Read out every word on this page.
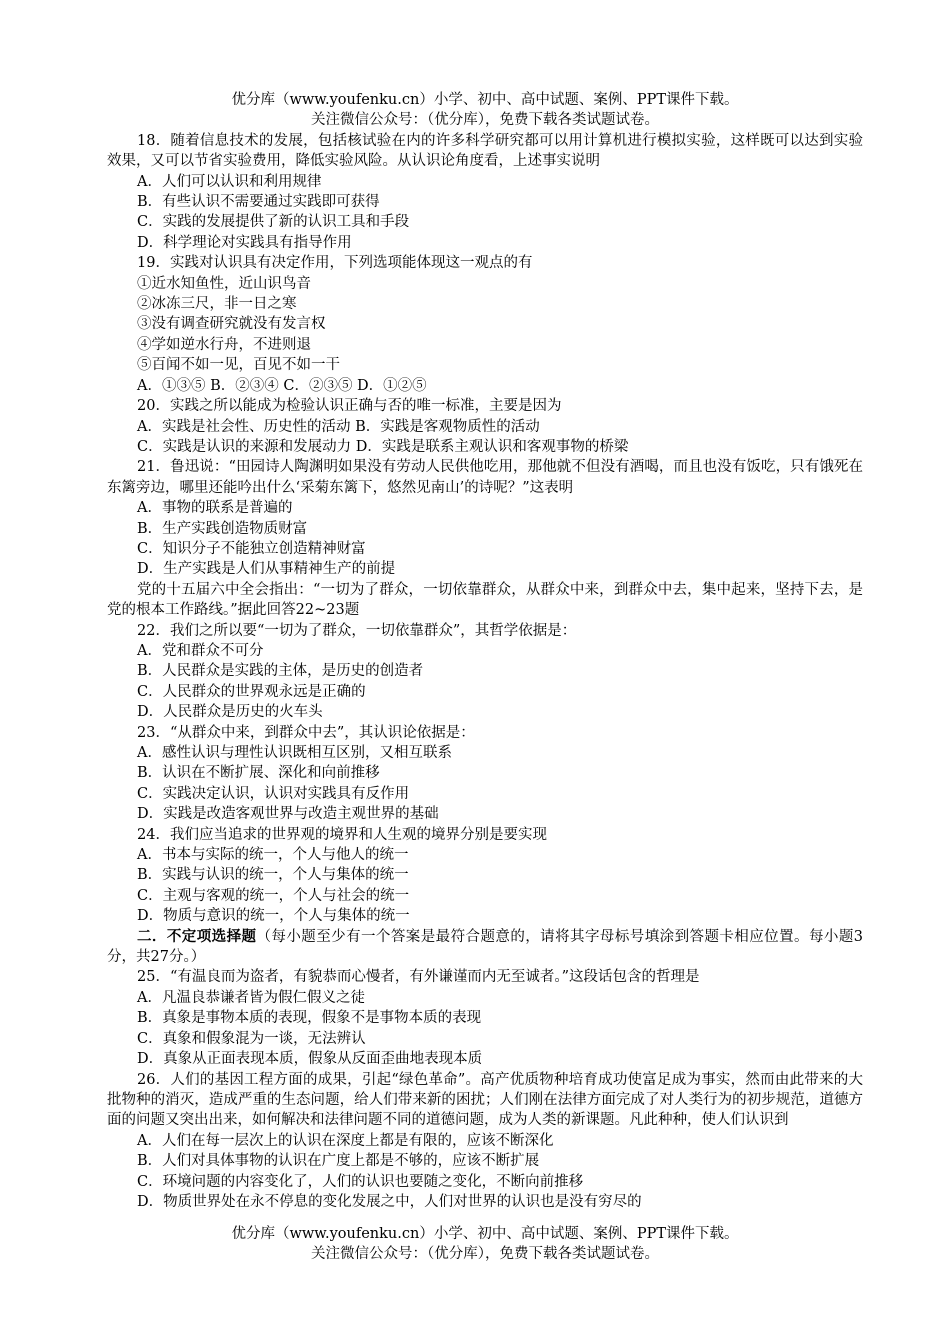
优分库（www.youfenku.cn）小学、初中、高中试题、案例、PPT课件下载。
关注微信公众号：（优分库），免费下载各类试题试卷。
18．随着信息技术的发展，包括核试验在内的许多科学研究都可以用计算机进行模拟实验，这样既可以达到实验效果，又可以节省实验费用，降低实验风险。从认识论角度看，上述事实说明
A．人们可以认识和利用规律
B．有些认识不需要通过实践即可获得
C．实践的发展提供了新的认识工具和手段
D．科学理论对实践具有指导作用
19．实践对认识具有决定作用，下列选项能体现这一观点的有
①近水知鱼性，近山识鸟音
②冰冻三尺，非一日之寒
③没有调查研究就没有发言权
④学如逆水行舟，不进则退
⑤百闻不如一见，百见不如一干
A．①③⑤ B．②③④ C．②③⑤ D．①②⑤
20．实践之所以能成为检验认识正确与否的唯一标准，主要是因为
A．实践是社会性、历史性的活动 B．实践是客观物质性的活动
C．实践是认识的来源和发展动力 D．实践是联系主观认识和客观事物的桥梁
21．鲁迅说：“田园诗人陶渊明如果没有劳动人民供他吃用，那他就不但没有酒喝，而且也没有饭吃，只有饿死在东篱旁边，哪里还能吟出什么‘采菊东篱下，悠然见南山’的诗呢？”这表明
A．事物的联系是普遍的
B．生产实践创造物质财富
C．知识分子不能独立创造精神财富
D．生产实践是人们从事精神生产的前提
党的十五届六中全会指出：“一切为了群众，一切依靠群众，从群众中来，到群众中去，集中起来，坚持下去，是党的根本工作路线。”据此回答22~23题
22．我们之所以要“一切为了群众，一切依靠群众”，其哲学依据是：
A．党和群众不可分
B．人民群众是实践的主体，是历史的创造者
C．人民群众的世界观永远是正确的
D．人民群众是历史的火车头
23．“从群众中来，到群众中去”，其认识论依据是：
A．感性认识与理性认识既相互区别，又相互联系
B．认识在不断扩展、深化和向前推移
C．实践决定认识，认识对实践具有反作用
D．实践是改造客观世界与改造主观世界的基础
24．我们应当追求的世界观的境界和人生观的境界分别是要实现
A．书本与实际的统一，个人与他人的统一
B．实践与认识的统一，个人与集体的统一
C．主观与客观的统一，个人与社会的统一
D．物质与意识的统一，个人与集体的统一
二．不定项选择题（每小题至少有一个答案是最符合题意的，请将其字母标号填涂到答题卡相应位置。每小题3分，共27分。）
25．“有温良而为盗者，有貌恭而心慢者，有外谦谨而内无至诚者。”这段话包含的哲理是
A．凡温良恭谦者皆为假仁假义之徒
B．真象是事物本质的表现，假象不是事物本质的表现
C．真象和假象混为一谈，无法辨认
D．真象从正面表现本质，假象从反面歪曲地表现本质
26．人们的基因工程方面的成果，引起“绿色革命”。高产优质物种培育成功使富足成为事实，然而由此带来的大批物种的消灭，造成严重的生态问题，给人们带来新的困扰；人们刚在法律方面完成了对人类行为的初步规范，道德方面的问题又突出出来，如何解决和法律问题不同的道德问题，成为人类的新课题。凡此种种，使人们认识到
A．人们在每一层次上的认识在深度上都是有限的，应该不断深化
B．人们对具体事物的认识在广度上都是不够的，应该不断扩展
C．环境问题的内容变化了，人们的认识也要随之变化，不断向前推移
D．物质世界处在永不停息的变化发展之中，人们对世界的认识也是没有穷尽的
优分库（www.youfenku.cn）小学、初中、高中试题、案例、PPT课件下载。
关注微信公众号：（优分库），免费下载各类试题试卷。
